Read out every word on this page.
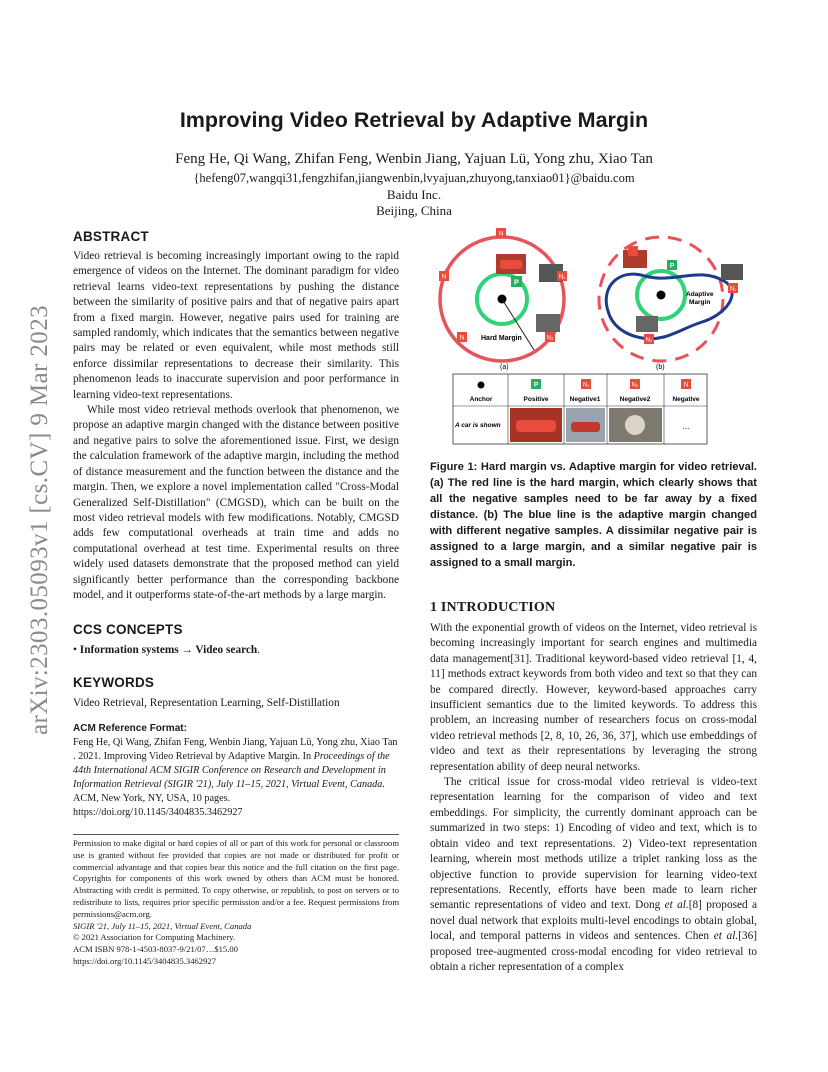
arXiv:2303.05093v1 [cs.CV] 9 Mar 2023
Improving Video Retrieval by Adaptive Margin
Feng He, Qi Wang, Zhifan Feng, Wenbin Jiang, Yajuan Lü, Yong zhu, Xiao Tan
{hefeng07,wangqi31,fengzhifan,jiangwenbin,lvyajuan,zhuyong,tanxiao01}@baidu.com
Baidu Inc.
Beijing, China
ABSTRACT

Video retrieval is becoming increasingly important owing to the rapid emergence of videos on the Internet. The dominant paradigm for video retrieval learns video-text representations by pushing the distance between the similarity of positive pairs and that of negative pairs apart from a fixed margin. However, negative pairs used for training are sampled randomly, which indicates that the semantics between negative pairs may be related or even equivalent, while most methods still enforce dissimilar representations to decrease their similarity. This phenomenon leads to inaccurate supervision and poor performance in learning video-text representations.

While most video retrieval methods overlook that phenomenon, we propose an adaptive margin changed with the distance between positive and negative pairs to solve the aforementioned issue. First, we design the calculation framework of the adaptive margin, including the method of distance measurement and the function between the distance and the margin. Then, we explore a novel implementation called "Cross-Modal Generalized Self-Distillation" (CMGSD), which can be built on the most video retrieval models with few modifications. Notably, CMGSD adds few computational overheads at train time and adds no computational overhead at test time. Experimental results on three widely used datasets demonstrate that the proposed method can yield significantly better performance than the corresponding backbone model, and it outperforms state-of-the-art methods by a large margin.

CCS CONCEPTS
• Information systems → Video search.
KEYWORDS
Video Retrieval, Representation Learning, Self-Distillation
ACM Reference Format:

Feng He, Qi Wang, Zhifan Feng, Wenbin Jiang, Yajuan Lü, Yong zhu, Xiao Tan . 2021. Improving Video Retrieval by Adaptive Margin. In Proceedings of the 44th International ACM SIGIR Conference on Research and Development in Information Retrieval (SIGIR '21), July 11–15, 2021, Virtual Event, Canada. ACM, New York, NY, USA, 10 pages. https://doi.org/10.1145/3404835.3462927

Permission to make digital or hard copies of all or part of this work for personal or classroom use is granted without fee provided that copies are not made or distributed for profit or commercial advantage and that copies bear this notice and the full citation on the first page. Copyrights for components of this work owned by others than ACM must be honored. Abstracting with credit is permitted. To copy otherwise, or republish, to post on servers or to redistribute to lists, requires prior specific permission and/or a fee. Request permissions from permissions@acm.org.

SIGIR '21, July 11–15, 2021, Virtual Event, Canada

© 2021 Association for Computing Machinery.

ACM ISBN 978-1-4503-8037-9/21/07…$15.00

https://doi.org/10.1145/3404835.3462927

P
N
N
N
N₁
N₂
Hard Margin
(a)
P
N₁
N₂
Adaptive
Margin
(b)
Anchor
P
Positive
N₁
Negative1
N₂
Negative2
N
Negative
A car is shown	...

Figure 1: Hard margin vs. Adaptive margin for video retrieval. (a) The red line is the hard margin, which clearly shows that all the negative samples need to be far away by a fixed distance. (b) The blue line is the adaptive margin changed with different negative samples. A dissimilar negative pair is assigned to a large margin, and a similar negative pair is assigned to a small margin.

1 INTRODUCTION

With the exponential growth of videos on the Internet, video retrieval is becoming increasingly important for search engines and multimedia data management[31]. Traditional keyword-based video retrieval [1, 4, 11] methods extract keywords from both video and text so that they can be compared directly. However, keyword-based approaches carry insufficient semantics due to the limited keywords. To address this problem, an increasing number of researchers focus on cross-modal video retrieval methods [2, 8, 10, 26, 36, 37], which use embeddings of video and text as their representations by leveraging the strong representation ability of deep neural networks.

The critical issue for cross-modal video retrieval is video-text representation learning for the comparison of video and text embeddings. For simplicity, the currently dominant approach can be summarized in two steps: 1) Encoding of video and text, which is to obtain video and text representations. 2) Video-text representation learning, wherein most methods utilize a triplet ranking loss as the objective function to provide supervision for learning video-text representations. Recently, efforts have been made to learn richer semantic representations of video and text. Dong et al.[8] proposed a novel dual network that exploits multi-level encodings to obtain global, local, and temporal patterns in videos and sentences. Chen et al.[36] proposed tree-augmented cross-modal encoding for video retrieval to obtain a richer representation of a complex
